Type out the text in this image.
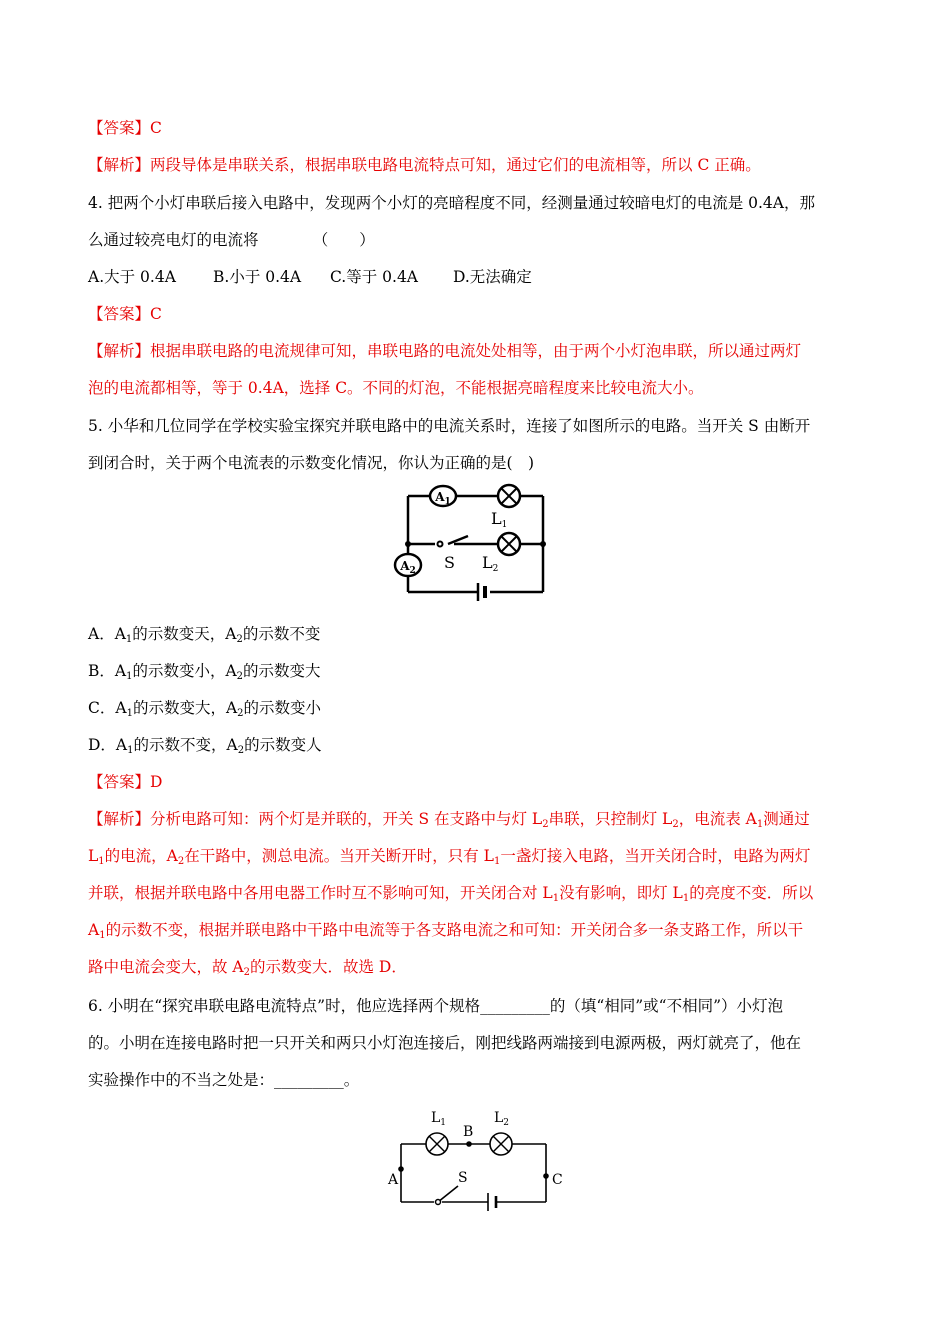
【答案】C
【解析】两段导体是串联关系，根据串联电路电流特点可知，通过它们的电流相等，所以 C 正确。
4. 把两个小灯串联后接入电路中，发现两个小灯的亮暗程度不同，经测量通过较暗电灯的电流是 0.4A，那
么通过较亮电灯的电流将　　　　（　　）
A.大于 0.4A B.小于 0.4A C.等于 0.4A D.无法确定
【答案】C
【解析】根据串联电路的电流规律可知，串联电路的电流处处相等，由于两个小灯泡串联，所以通过两灯
泡的电流都相等，等于 0.4A，选择 C。不同的灯泡，不能根据亮暗程度来比较电流大小。
5. 小华和几位同学在学校实验宝探究并联电路中的电流关系时，连接了如图所示的电路。当开关 S 由断开
到闭合时，关于两个电流表的示数变化情况，你认为正确的是(　)
$A_1$
L1
L2
S
$A_2$
A．$A_1$的示数变天，$A_2$的示数不变
B．$A_1$的示数变小，$A_2$的示数变大
C．$A_1$的示数变大，$A_2$的示数变小
D．$A_1$的示数不变，$A_2$的示数变人
【答案】D
【解析】分析电路可知：两个灯是并联的，开关 S 在支路中与灯 $L_2$串联，只控制灯 $L_2$，电流表 $A_1$测通过
$L_1$的电流，$A_2$在干路中，测总电流。当开关断开时，只有 $L_1$一盏灯接入电路，当开关闭合时，电路为两灯
并联，根据并联电路中各用电器工作时互不影响可知，开关闭合对 $L_1$没有影响，即灯 $L_1$的亮度不变．所以
$A_1$的示数不变，根据并联电路中干路中电流等于各支路电流之和可知：开关闭合多一条支路工作，所以干
路中电流会变大，故 $A_2$的示数变大．故选 D．
6. 小明在“探究串联电路电流特点”时，他应选择两个规格_________的（填“相同”或“不相同”）小灯泡
的。小明在连接电路时把一只开关和两只小灯泡连接后，刚把线路两端接到电源两极，两灯就亮了，他在
实验操作中的不当之处是：_________。
$L_1$	$L_2$
B
A	C
S
